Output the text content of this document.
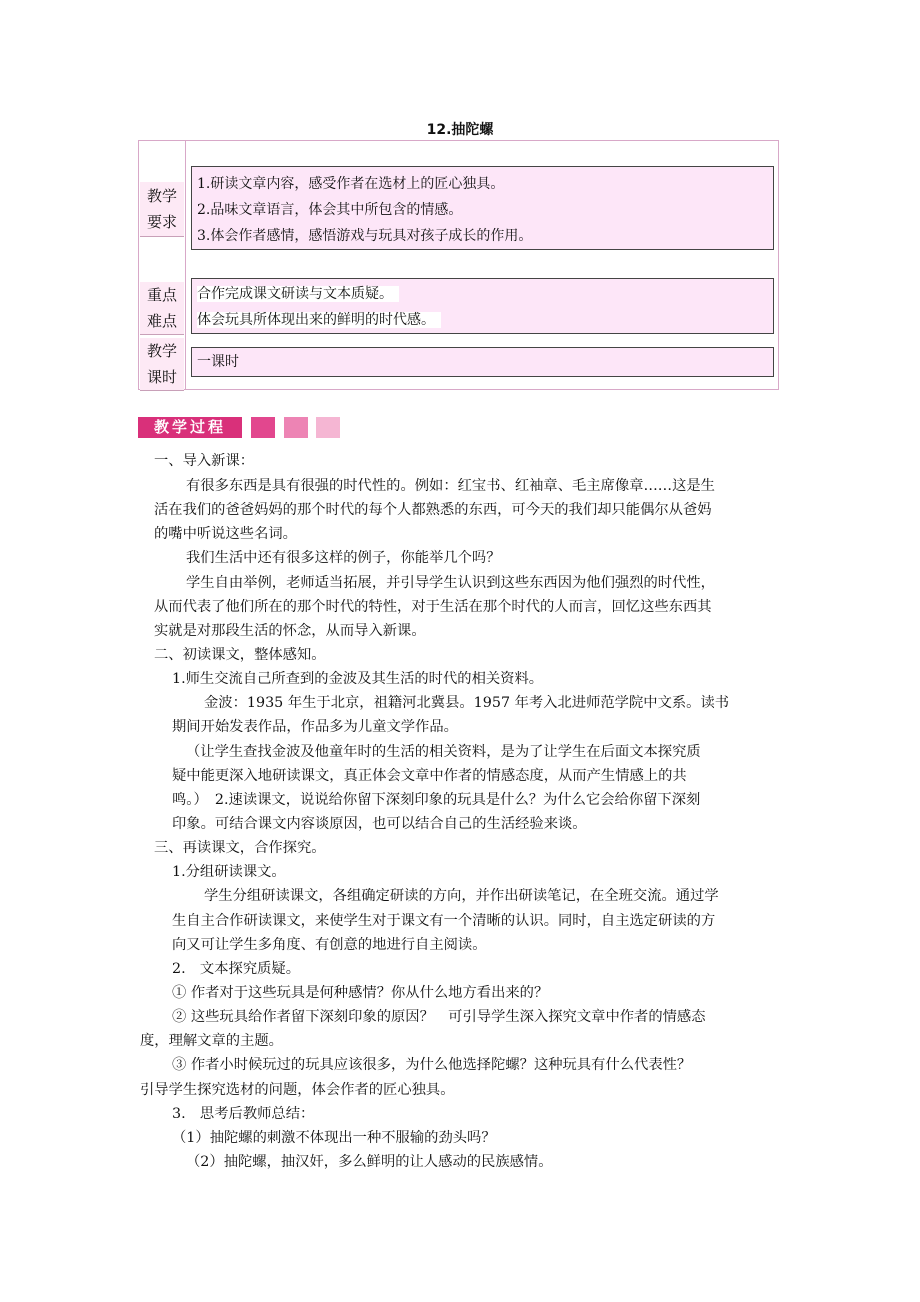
12.抽陀螺
教学
要求
1.研读文章内容，感受作者在选材上的匠心独具。
2.品味文章语言，体会其中所包含的情感。
3.体会作者感情，感悟游戏与玩具对孩子成长的作用。
重点
难点
合作完成课文研读与文本质疑。
体会玩具所体现出来的鲜明的时代感。
教学
课时
一课时
教学过程
一、导入新课：
有很多东西是具有很强的时代性的。例如：红宝书、红袖章、毛主席像章……这是生
活在我们的爸爸妈妈的那个时代的每个人都熟悉的东西，可今天的我们却只能偶尔从爸妈
的嘴中听说这些名词。
我们生活中还有很多这样的例子，你能举几个吗？
学生自由举例，老师适当拓展，并引导学生认识到这些东西因为他们强烈的时代性，
从而代表了他们所在的那个时代的特性，对于生活在那个时代的人而言，回忆这些东西其
实就是对那段生活的怀念，从而导入新课。
二、初读课文，整体感知。
1.师生交流自己所查到的金波及其生活的时代的相关资料。
金波：1935 年生于北京，祖籍河北冀县。1957 年考入北进师范学院中文系。读书
期间开始发表作品，作品多为儿童文学作品。
（让学生查找金波及他童年时的生活的相关资料，是为了让学生在后面文本探究质
疑中能更深入地研读课文，真正体会文章中作者的情感态度，从而产生情感上的共
鸣。）　2.速读课文，说说给你留下深刻印象的玩具是什么？为什么它会给你留下深刻
印象。可结合课文内容谈原因，也可以结合自己的生活经验来谈。
三、再读课文，合作探究。
1.分组研读课文。
学生分组研读课文，各组确定研读的方向，并作出研读笔记，在全班交流。通过学
生自主合作研读课文，来使学生对于课文有一个清晰的认识。同时，自主选定研读的方
向又可让学生多角度、有创意的地进行自主阅读。
2.　文本探究质疑。
① 作者对于这些玩具是何种感情？你从什么地方看出来的？
② 这些玩具给作者留下深刻印象的原因？　可引导学生深入探究文章中作者的情感态
度，理解文章的主题。
③ 作者小时候玩过的玩具应该很多，为什么他选择陀螺？这种玩具有什么代表性？
引导学生探究选材的问题，体会作者的匠心独具。
3.　思考后教师总结：
（1）抽陀螺的刺激不体现出一种不服输的劲头吗？
（2）抽陀螺，抽汉奸，多么鲜明的让人感动的民族感情。
